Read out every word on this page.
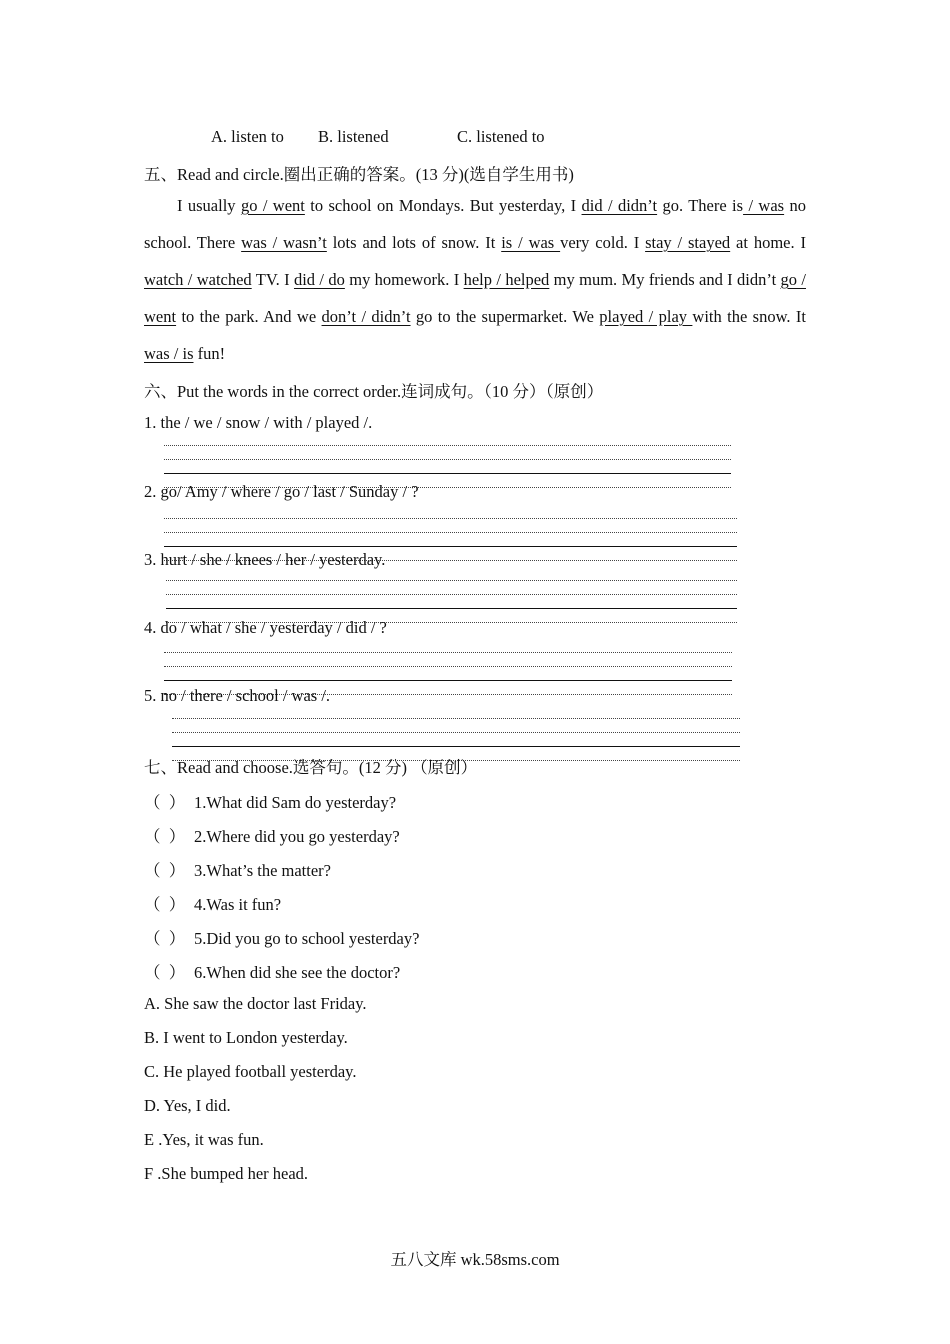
A. listen to B. listened	C. listened to
五、Read and circle.圈出正确的答案。(13 分)(选自学生用书)
I usually go / went to school on Mondays. But yesterday, I did / didn’t go. There is / was no school. There was / wasn’t lots and lots of snow. It is / was very cold. I stay / stayed at home. I watch / watched TV. I did / do my homework. I help / helped my mum. My friends and I didn’t go / went to the park. And we don’t / didn’t go to the supermarket. We played / play with the snow. It was / is fun!
六、Put the words in the correct order.连词成句。（10 分）（原创）
1. the / we / snow / with / played /.
2. go/ Amy / where / go / last / Sunday / ?
3. hurt / she / knees / her / yesterday.
4. do / what / she / yesterday / did / ?
5. no / there / school / was /.
七、Read and choose.选答句。(12 分) （原创）
（ ） 1.What did Sam do yesterday?
（ ） 2.Where did you go yesterday?
（ ） 3.What’s the matter?
（ ） 4.Was it fun?
（ ） 5.Did you go to school yesterday?
（ ） 6.When did she see the doctor?
A. She saw the doctor last Friday.
B. I went to London yesterday.
C. He played football yesterday.
D. Yes, I did.
E .Yes, it was fun.
F .She bumped her head.
五八文库 wk.58sms.com
